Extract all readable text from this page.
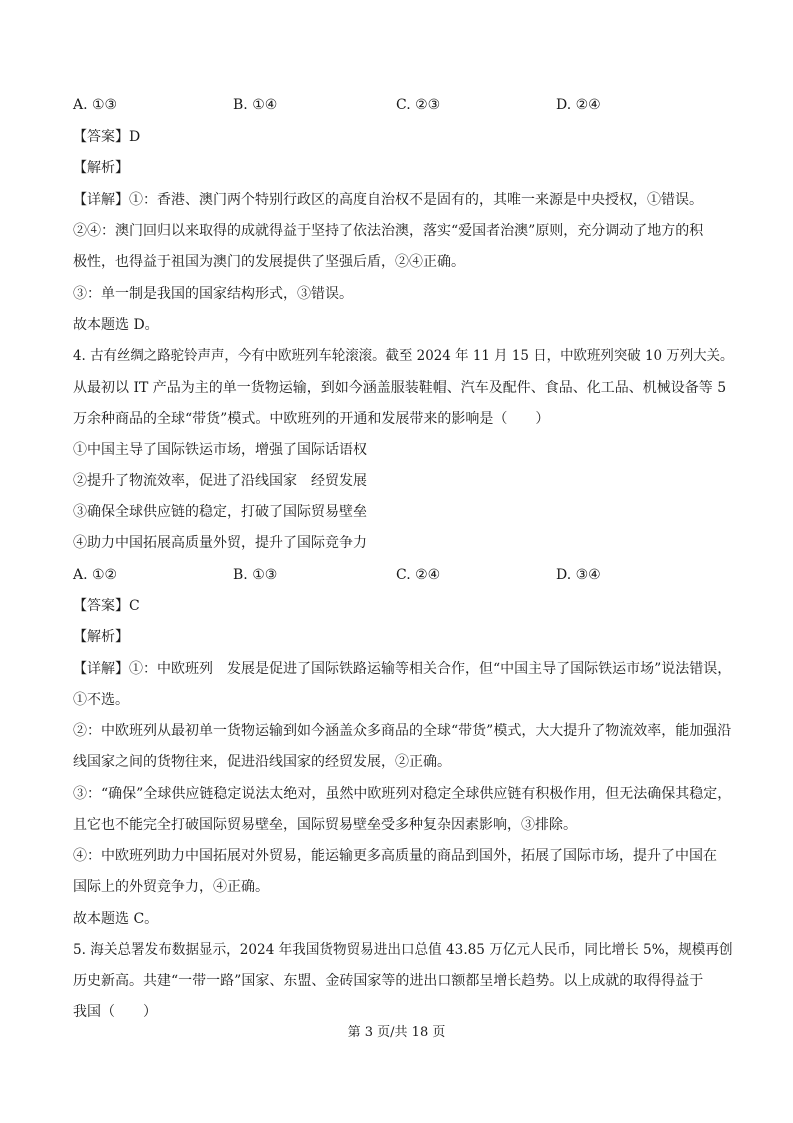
A. ①③	B. ①④	C. ②③	D. ②④
【答案】D
【解析】
【详解】①：香港、澳门两个特别行政区的高度自治权不是固有的，其唯一来源是中央授权，①错误。
②④：澳门回归以来取得的成就得益于坚持了依法治澳，落实“爱国者治澳”原则，充分调动了地方的积
极性，也得益于祖国为澳门的发展提供了坚强后盾，②④正确。
③：单一制是我国的国家结构形式，③错误。
故本题选 D。
4. 古有丝绸之路驼铃声声，今有中欧班列车轮滚滚。截至 2024 年 11 月 15 日，中欧班列突破 10 万列大关。
从最初以 IT 产品为主的单一货物运输，到如今涵盖服装鞋帽、汽车及配件、食品、化工品、机械设备等 5
万余种商品的全球“带货”模式。中欧班列的开通和发展带来的影响是（　　）
①中国主导了国际铁运市场，增强了国际话语权
②提升了物流效率，促进了沿线国家　经贸发展
③确保全球供应链的稳定，打破了国际贸易壁垒
④助力中国拓展高质量外贸，提升了国际竞争力
A. ①②	B. ①③	C. ②④	D. ③④
【答案】C
【解析】
【详解】①：中欧班列　发展是促进了国际铁路运输等相关合作，但“中国主导了国际铁运市场”说法错误，
①不选。
②：中欧班列从最初单一货物运输到如今涵盖众多商品的全球“带货”模式，大大提升了物流效率，能加强沿
线国家之间的货物往来，促进沿线国家的经贸发展，②正确。
③：“确保”全球供应链稳定说法太绝对，虽然中欧班列对稳定全球供应链有积极作用，但无法确保其稳定，
且它也不能完全打破国际贸易壁垒，国际贸易壁垒受多种复杂因素影响，③排除。
④：中欧班列助力中国拓展对外贸易，能运输更多高质量的商品到国外，拓展了国际市场，提升了中国在
国际上的外贸竞争力，④正确。
故本题选 C。
5. 海关总署发布数据显示，2024 年我国货物贸易进出口总值 43.85 万亿元人民币，同比增长 5%，规模再创
历史新高。共建“一带一路”国家、东盟、金砖国家等的进出口额都呈增长趋势。以上成就的取得得益于
我国（　　）
第 3 页/共 18 页
